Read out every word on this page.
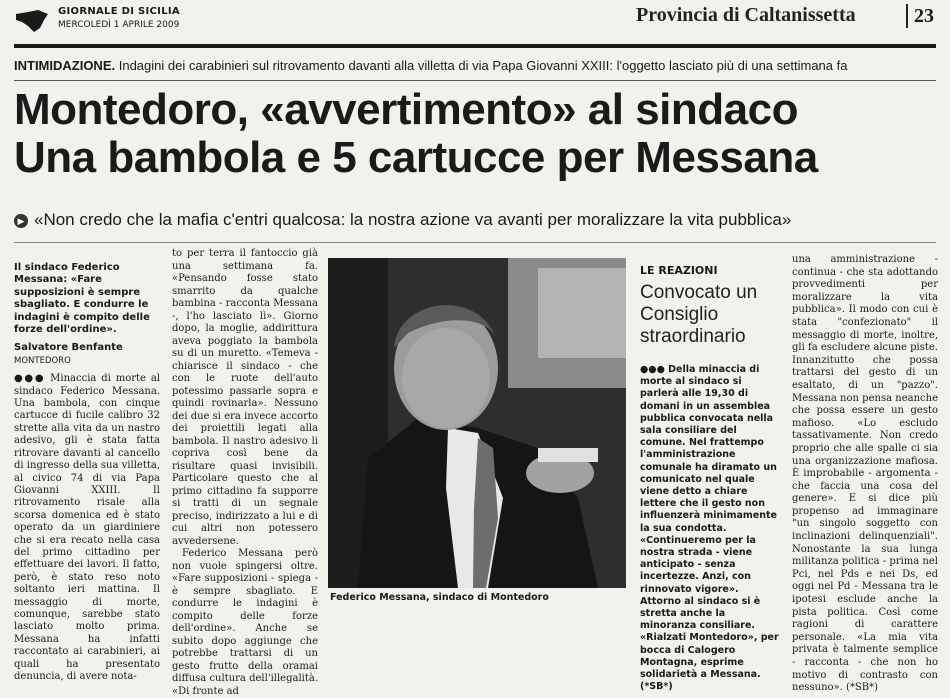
GIORNALE DI SICILIA
MERCOLEDÌ 1 APRILE 2009	Provincia di Caltanissetta	23
INTIMIDAZIONE. Indagini dei carabinieri sul ritrovamento davanti alla villetta di via Papa Giovanni XXIII: l'oggetto lasciato più di una settimana fa
Montedoro, «avvertimento» al sindaco
Una bambola e 5 cartucce per Messana
▶ «Non credo che la mafia c'entri qualcosa: la nostra azione va avanti per moralizzare la vita pubblica»
Il sindaco Federico Messana: «Fare supposizioni è sempre sbagliato. E condurre le indagini è compito delle forze dell'ordine».
Salvatore Benfante
MONTEDORO
●●● Minaccia di morte al sindaco Federico Messana. Una bambola, con cinque cartucce di fucile calibro 32 strette alla vita da un nastro adesivo, gli è stata fatta ritrovare davanti al cancello di ingresso della sua villetta, al civico 74 di via Papa Giovanni XXIII. Il ritrovamento risale alla scorsa domenica ed è stato operato da un giardiniere che si era recato nella casa del primo cittadino per effettuare dei lavori. Il fatto, però, è stato reso noto soltanto ieri mattina. Il messaggio di morte, comunque, sarebbe stato lasciato molto prima. Messana ha infatti raccontato ai carabinieri, ai quali ha presentato denuncia, di avere nota-
to per terra il fantoccio già una settimana fa. «Pensando fosse stato smarrito da qualche bambina - racconta Messana -, l'ho lasciato lì». Giorno dopo, la moglie, addirittura aveva poggiato la bambola su di un muretto. «Temeva - chiarisce il sindaco - che con le ruote dell'auto potessimo passarle sopra e quindi rovinarla». Nessuno dei due si era invece accorto dei proiettili legati alla bambola. Il nastro adesivo li copriva così bene da risultare quasi invisibili. Particolare questo che al primo cittadino fa supporre si tratti di un segnale preciso, indirizzato a lui e di cui altri non potessero avvedersene.
Federico Messana però non vuole spingersi oltre. «Fare supposizioni - spiega - è sempre sbagliato. E condurre le indagini è compito delle forze dell'ordine». Anche se subito dopo aggiunge che potrebbe trattarsi di un gesto frutto della oramai diffusa cultura dell'illegalità. «Di fronte ad
Federico Messana, sindaco di Montedoro
LE REAZIONI
Convocato un Consiglio straordinario
●●● Della minaccia di morte al sindaco si parlerà alle 19,30 di domani in un assemblea pubblica convocata nella sala consiliare del comune. Nel frattempo l'amministrazione comunale ha diramato un comunicato nel quale viene detto a chiare lettere che il gesto non influenzerà minimamente la sua condotta. «Continueremo per la nostra strada - viene anticipato - senza incertezze. Anzi, con rinnovato vigore». Attorno al sindaco si è stretta anche la minoranza consiliare. «Rialzati Montedoro», per bocca di Calogero Montagna, esprime solidarietà a Messana. (*SB*)
una amministrazione - continua - che sta adottando provvedimenti per moralizzare la vita pubblica». Il modo con cui è stata "confezionato" il messaggio di morte, inoltre, gli fa escludere alcune piste. Innanzitutto che possa trattarsi del gesto di un esaltato, di un "pazzo". Messana non pensa neanche che possa essere un gesto mafioso. «Lo escludo tassativamente. Non credo proprio che alle spalle ci sia una organizzazione mafiosa. È improbabile - argomenta - che faccia una cosa del genere». E si dice più propenso ad immaginare "un singolo soggetto con inclinazioni delinquenziali". Nonostante la sua lunga militanza politica - prima nel Pci, nel Pds e nei Ds, ed oggi nel Pd - Messana tra le ipotesi esclude anche la pista politica. Così come ragioni di carattere personale. «La mia vita privata è talmente semplice - racconta - che non ho motivo di contrasto con nessuno». (*SB*)
